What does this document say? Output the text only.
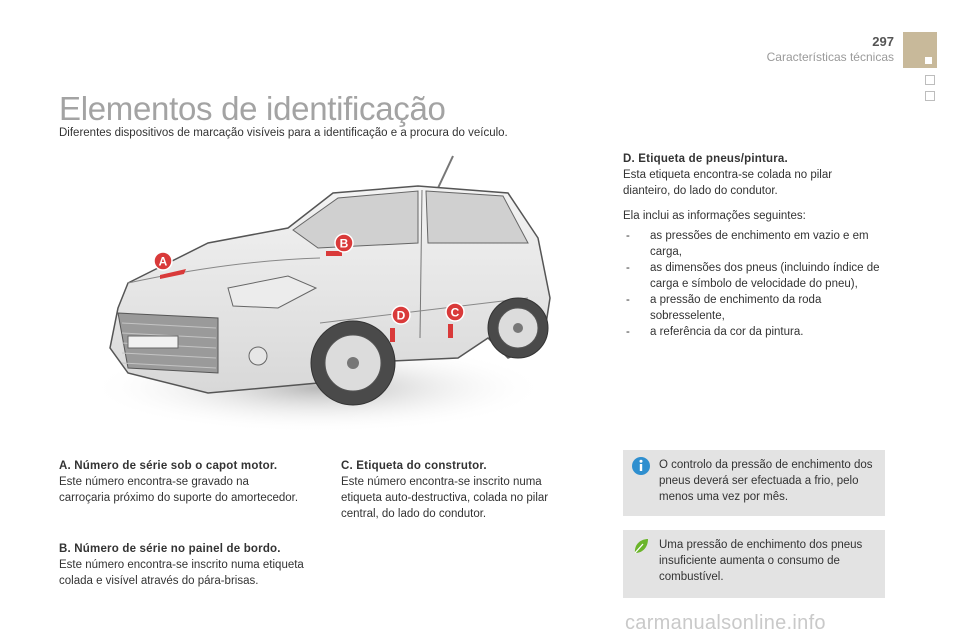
297
Características técnicas
Elementos de identificação
Diferentes dispositivos de marcação visíveis para a identificação e a procura do veículo.
A
B
C
D

D. Etiqueta de pneus/pintura.

Esta etiqueta encontra-se colada no pilar

dianteiro, do lado do condutor.

Ela inclui as informações seguintes:

- as pressões de enchimento em vazio e em carga,
- as dimensões dos pneus (incluindo índice de carga e símbolo de velocidade do pneu),
- a pressão de enchimento da roda sobresselente,
- a referência da cor da pintura.

A. Número de série sob o capot motor.

Este número encontra-se gravado na

carroçaria próximo do suporte do amortecedor.

B. Número de série no painel de bordo.

Este número encontra-se inscrito numa etiqueta

colada e visível através do pára-brisas.

C. Etiqueta do construtor.

Este número encontra-se inscrito numa

etiqueta auto-destructiva, colada no pilar

central, do lado do condutor.

O controlo da pressão de enchimento dos pneus deverá ser efectuada a frio, pelo menos uma vez por mês.
Uma pressão de enchimento dos pneus insuficiente aumenta o consumo de combustível.
carmanualsonline.info
